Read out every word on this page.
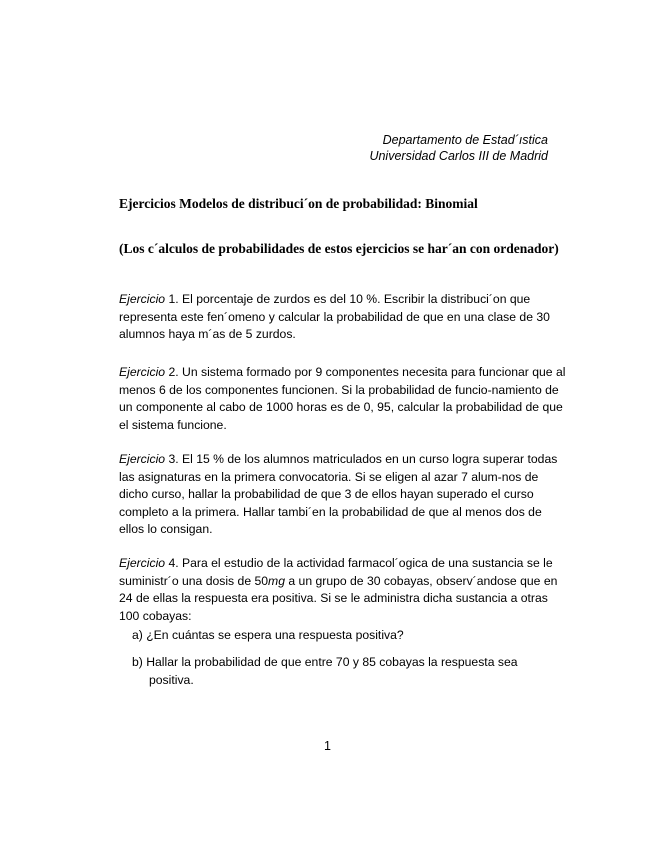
Departamento de Estad´ıstica
Universidad Carlos III de Madrid
Ejercicios Modelos de distribuci´on de probabilidad: Binomial
(Los c´alculos de probabilidades de estos ejercicios se har´an con ordenador)
Ejercicio 1. El porcentaje de zurdos es del 10 %. Escribir la distribuci´on que representa este fen´omeno y calcular la probabilidad de que en una clase de 30 alumnos haya m´as de 5 zurdos.
Ejercicio 2. Un sistema formado por 9 componentes necesita para funcionar que al menos 6 de los componentes funcionen. Si la probabilidad de funcio-namiento de un componente al cabo de 1000 horas es de 0, 95, calcular la probabilidad de que el sistema funcione.
Ejercicio 3. El 15 % de los alumnos matriculados en un curso logra superar todas las asignaturas en la primera convocatoria. Si se eligen al azar 7 alum-nos de dicho curso, hallar la probabilidad de que 3 de ellos hayan superado el curso completo a la primera. Hallar tambi´en la probabilidad de que al menos dos de ellos lo consigan.
Ejercicio 4. Para el estudio de la actividad farmacol´ogica de una sustancia se le suministr´o una dosis de 50mg a un grupo de 30 cobayas, observ´andose que en 24 de ellas la respuesta era positiva. Si se le administra dicha sustancia a otras 100 cobayas:
a) ¿En cuántas se espera una respuesta positiva?
b) Hallar la probabilidad de que entre 70 y 85 cobayas la respuesta sea
positiva.
1
